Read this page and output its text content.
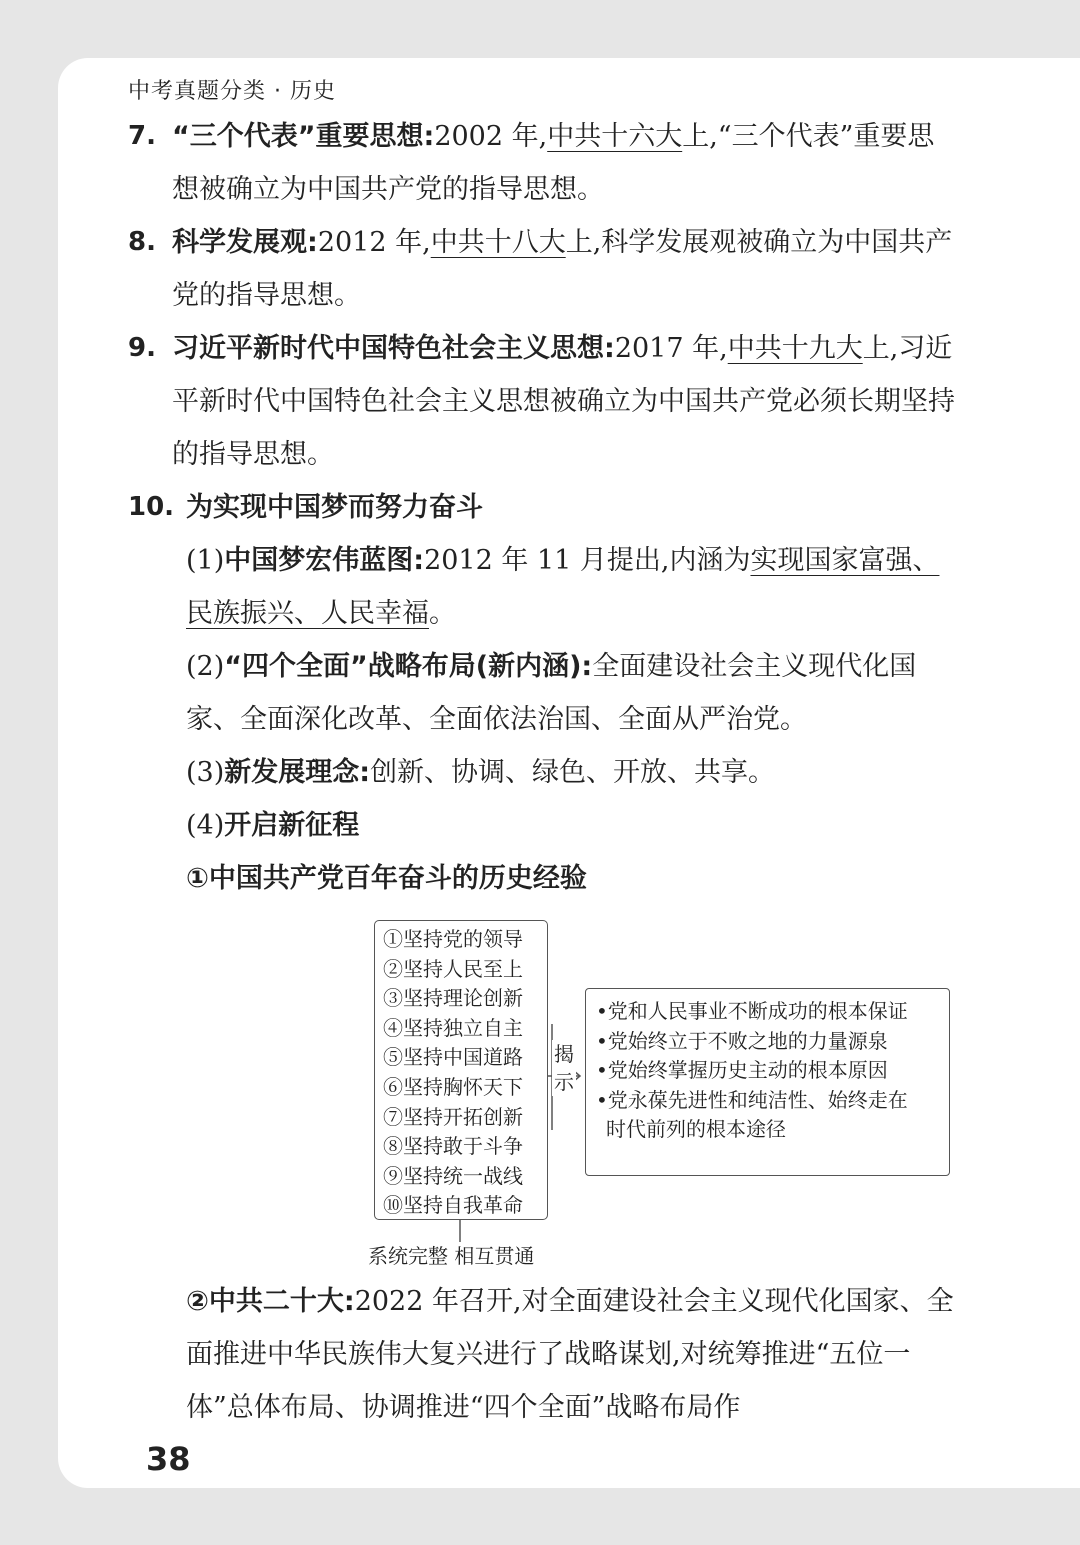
中考真题分类 · 历史

7. “三个代表”重要思想:2002 年,中共十六大上,“三个代表”重要思想被确立为中国共产党的指导思想。

8. 科学发展观:2012 年,中共十八大上,科学发展观被确立为中国共产党的指导思想。

9. 习近平新时代中国特色社会主义思想:2017 年,中共十九大上,习近平新时代中国特色社会主义思想被确立为中国共产党必须长期坚持的指导思想。

10. 为实现中国梦而努力奋斗

(1)中国梦宏伟蓝图:2012 年 11 月提出,内涵为实现国家富强、民族振兴、人民幸福。

(2)“四个全面”战略布局(新内涵):全面建设社会主义现代化国家、全面深化改革、全面依法治国、全面从严治党。

(3)新发展理念:创新、协调、绿色、开放、共享。

(4)开启新征程

①中国共产党百年奋斗的历史经验

②中共二十大:2022 年召开,对全面建设社会主义现代化国家、全面推进中华民族伟大复兴进行了战略谋划,对统筹推进“五位一体”总体布局、协调推进“四个全面”战略布局作

①坚持党的领导
②坚持人民至上
③坚持理论创新
④坚持独立自主
⑤坚持中国道路
⑥坚持胸怀天下
⑦坚持开拓创新
⑧坚持敢于斗争
⑨坚持统一战线
⑩坚持自我革命
揭
示
•党和人民事业不断成功的根本保证
•党始终立于不败之地的力量源泉
•党始终掌握历史主动的根本原因
•党永葆先进性和纯洁性、始终走在
时代前列的根本途径
系统完整 相互贯通
38
